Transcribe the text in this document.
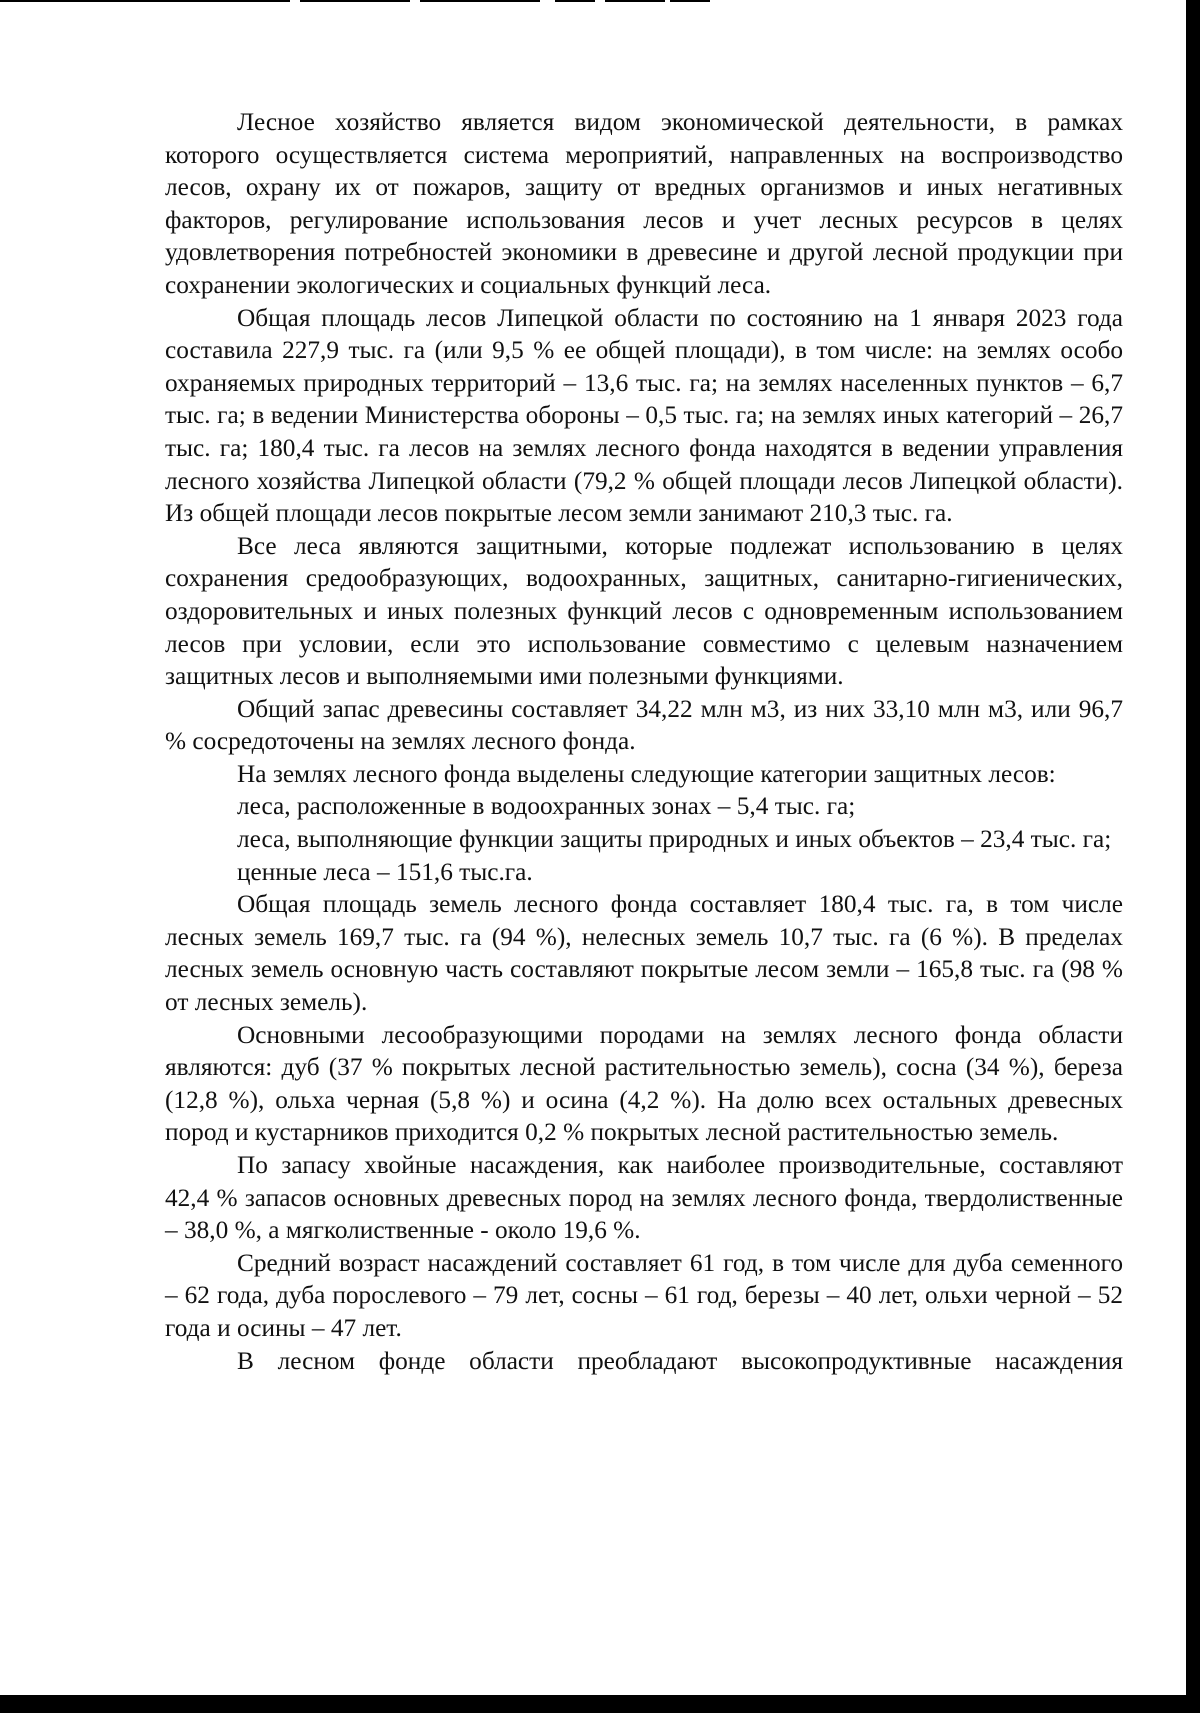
Лесное хозяйство является видом экономической деятельности, в рамках которого осуществляется система мероприятий, направленных на воспроизводство лесов, охрану их от пожаров, защиту от вредных организмов и иных негативных факторов, регулирование использования лесов и учет лесных ресурсов в целях удовлетворения потребностей экономики в древесине и другой лесной продукции при сохранении экологических и социальных функций леса.

Общая площадь лесов Липецкой области по состоянию на 1 января 2023 года составила 227,9 тыс. га (или 9,5 % ее общей площади), в том числе: на землях особо охраняемых природных территорий – 13,6 тыс. га; на землях населенных пунктов – 6,7 тыс. га; в ведении Министерства обороны – 0,5 тыс. га; на землях иных категорий – 26,7 тыс. га; 180,4 тыс. га лесов на землях лесного фонда находятся в ведении управления лесного хозяйства Липецкой области (79,2 % общей площади лесов Липецкой области). Из общей площади лесов покрытые лесом земли занимают 210,3 тыс. га.

Все леса являются защитными, которые подлежат использованию в целях сохранения средообразующих, водоохранных, защитных, санитарно-гигиенических, оздоровительных и иных полезных функций лесов с одновременным использованием лесов при условии, если это использование совместимо с целевым назначением защитных лесов и выполняемыми ими полезными функциями.

Общий запас древесины составляет 34,22 млн м3, из них 33,10 млн м3, или 96,7 % сосредоточены на землях лесного фонда.

На землях лесного фонда выделены следующие категории защитных лесов:

леса, расположенные в водоохранных зонах – 5,4 тыс. га;

леса, выполняющие функции защиты природных и иных объектов – 23,4 тыс. га;

ценные леса – 151,6 тыс.га.

Общая площадь земель лесного фонда составляет 180,4 тыс. га, в том числе лесных земель 169,7 тыс. га (94 %), нелесных земель 10,7 тыс. га (6 %). В пределах лесных земель основную часть составляют покрытые лесом земли – 165,8 тыс. га (98 % от лесных земель).

Основными лесообразующими породами на землях лесного фонда области являются: дуб (37 % покрытых лесной растительностью земель), сосна (34 %), береза (12,8 %), ольха черная (5,8 %) и осина (4,2 %). На долю всех остальных древесных пород и кустарников приходится 0,2 % покрытых лесной растительностью земель.

По запасу хвойные насаждения, как наиболее производительные, составляют 42,4 % запасов основных древесных пород на землях лесного фонда, твердолиственные – 38,0 %, а мягколиственные - около 19,6 %.

Средний возраст насаждений составляет 61 год, в том числе для дуба семенного – 62 года, дуба порослевого – 79 лет, сосны – 61 год, березы – 40 лет, ольхи черной – 52 года и осины – 47 лет.

В лесном фонде области преобладают высокопродуктивные насаждения
